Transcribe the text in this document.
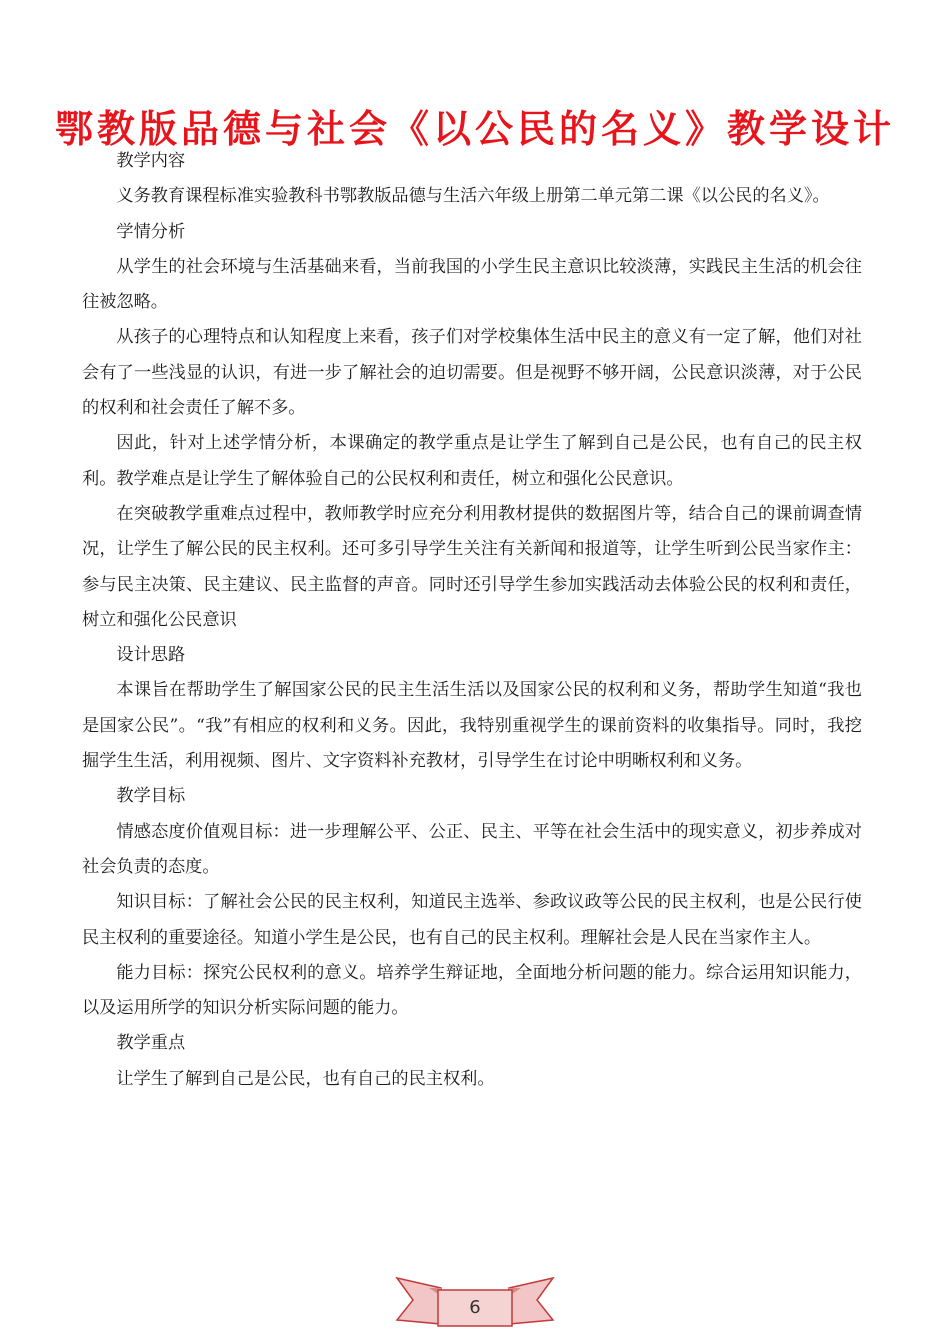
鄂教版品德与社会《以公民的名义》教学设计

教学内容

义务教育课程标准实验教科书鄂教版品德与生活六年级上册第二单元第二课《以公民的名义》。

学情分析

从学生的社会环境与生活基础来看，当前我国的小学生民主意识比较淡薄，实践民主生活的机会往往被忽略。

从孩子的心理特点和认知程度上来看，孩子们对学校集体生活中民主的意义有一定了解，他们对社会有了一些浅显的认识，有进一步了解社会的迫切需要。但是视野不够开阔，公民意识淡薄，对于公民的权利和社会责任了解不多。

因此，针对上述学情分析，本课确定的教学重点是让学生了解到自己是公民，也有自己的民主权利。教学难点是让学生了解体验自己的公民权利和责任，树立和强化公民意识。

在突破教学重难点过程中，教师教学时应充分利用教材提供的数据图片等，结合自己的课前调查情况，让学生了解公民的民主权利。还可多引导学生关注有关新闻和报道等，让学生听到公民当家作主：参与民主决策、民主建议、民主监督的声音。同时还引导学生参加实践活动去体验公民的权利和责任，树立和强化公民意识

设计思路

本课旨在帮助学生了解国家公民的民主生活生活以及国家公民的权利和义务，帮助学生知道“我也是国家公民”。“我”有相应的权利和义务。因此，我特别重视学生的课前资料的收集指导。同时，我挖掘学生生活，利用视频、图片、文字资料补充教材，引导学生在讨论中明晰权利和义务。

教学目标

情感态度价值观目标：进一步理解公平、公正、民主、平等在社会生活中的现实意义，初步养成对社会负责的态度。

知识目标：了解社会公民的民主权利，知道民主选举、参政议政等公民的民主权利，也是公民行使民主权利的重要途径。知道小学生是公民，也有自己的民主权利。理解社会是人民在当家作主人。

能力目标：探究公民权利的意义。培养学生辩证地，全面地分析问题的能力。综合运用知识能力，以及运用所学的知识分析实际问题的能力。

教学重点

让学生了解到自己是公民，也有自己的民主权利。

6
